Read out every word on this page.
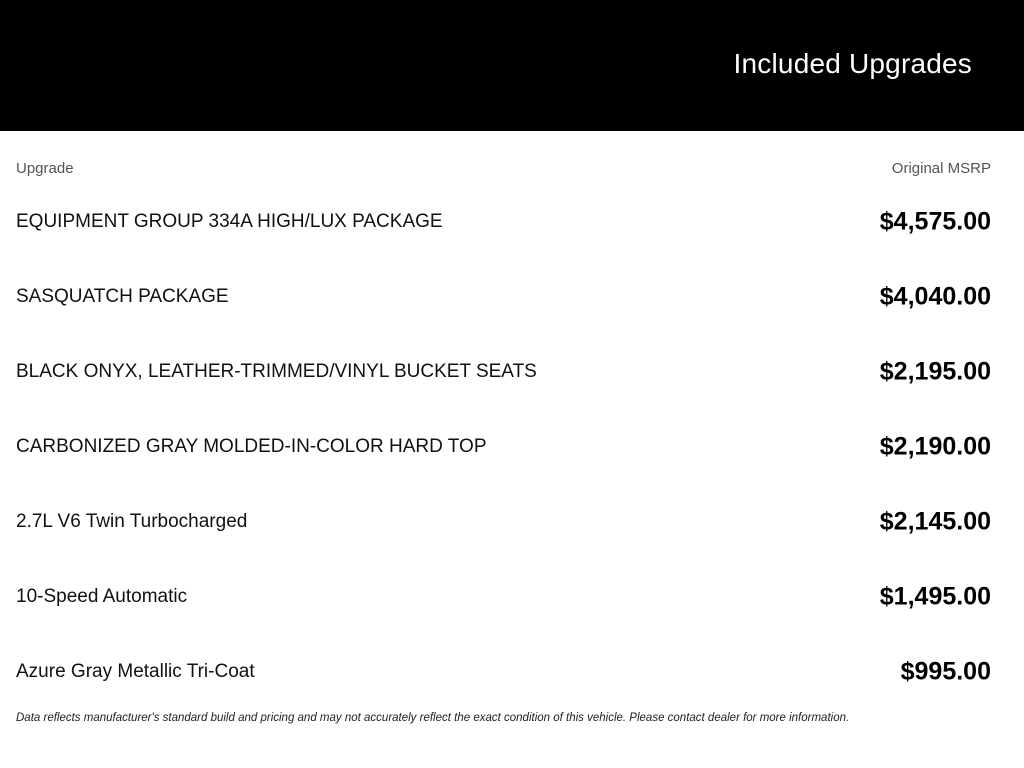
Included Upgrades
Upgrade	Original MSRP
EQUIPMENT GROUP 334A HIGH/LUX PACKAGE	$4,575.00
SASQUATCH PACKAGE	$4,040.00
BLACK ONYX, LEATHER-TRIMMED/VINYL BUCKET SEATS	$2,195.00
CARBONIZED GRAY MOLDED-IN-COLOR HARD TOP	$2,190.00
2.7L V6 Twin Turbocharged	$2,145.00
10-Speed Automatic	$1,495.00
Azure Gray Metallic Tri-Coat	$995.00
Data reflects manufacturer's standard build and pricing and may not accurately reflect the exact condition of this vehicle. Please contact dealer for more information.
